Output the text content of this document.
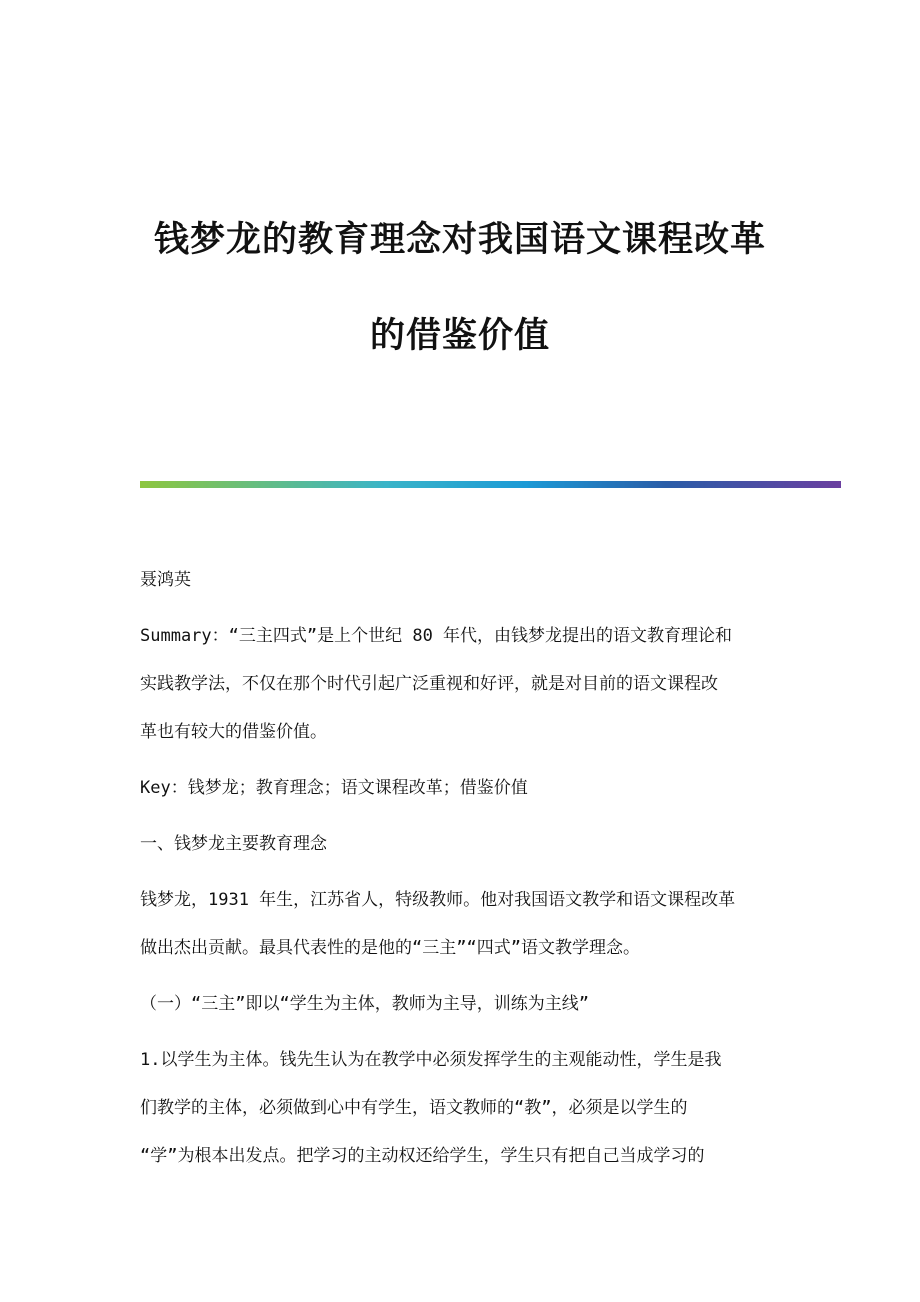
钱梦龙的教育理念对我国语文课程改革
的借鉴价值
聂鸿英
Summary：“三主四式”是上个世纪 80 年代，由钱梦龙提出的语文教育理论和
实践教学法，不仅在那个时代引起广泛重视和好评，就是对目前的语文课程改
革也有较大的借鉴价值。
Key：钱梦龙；教育理念；语文课程改革；借鉴价值
一、钱梦龙主要教育理念
钱梦龙，1931 年生，江苏省人，特级教师。他对我国语文教学和语文课程改革
做出杰出贡献。最具代表性的是他的“三主”“四式”语文教学理念。
（一）“三主”即以“学生为主体，教师为主导，训练为主线”
1.以学生为主体。钱先生认为在教学中必须发挥学生的主观能动性，学生是我
们教学的主体，必须做到心中有学生，语文教师的“教”，必须是以学生的
“学”为根本出发点。把学习的主动权还给学生，学生只有把自己当成学习的
